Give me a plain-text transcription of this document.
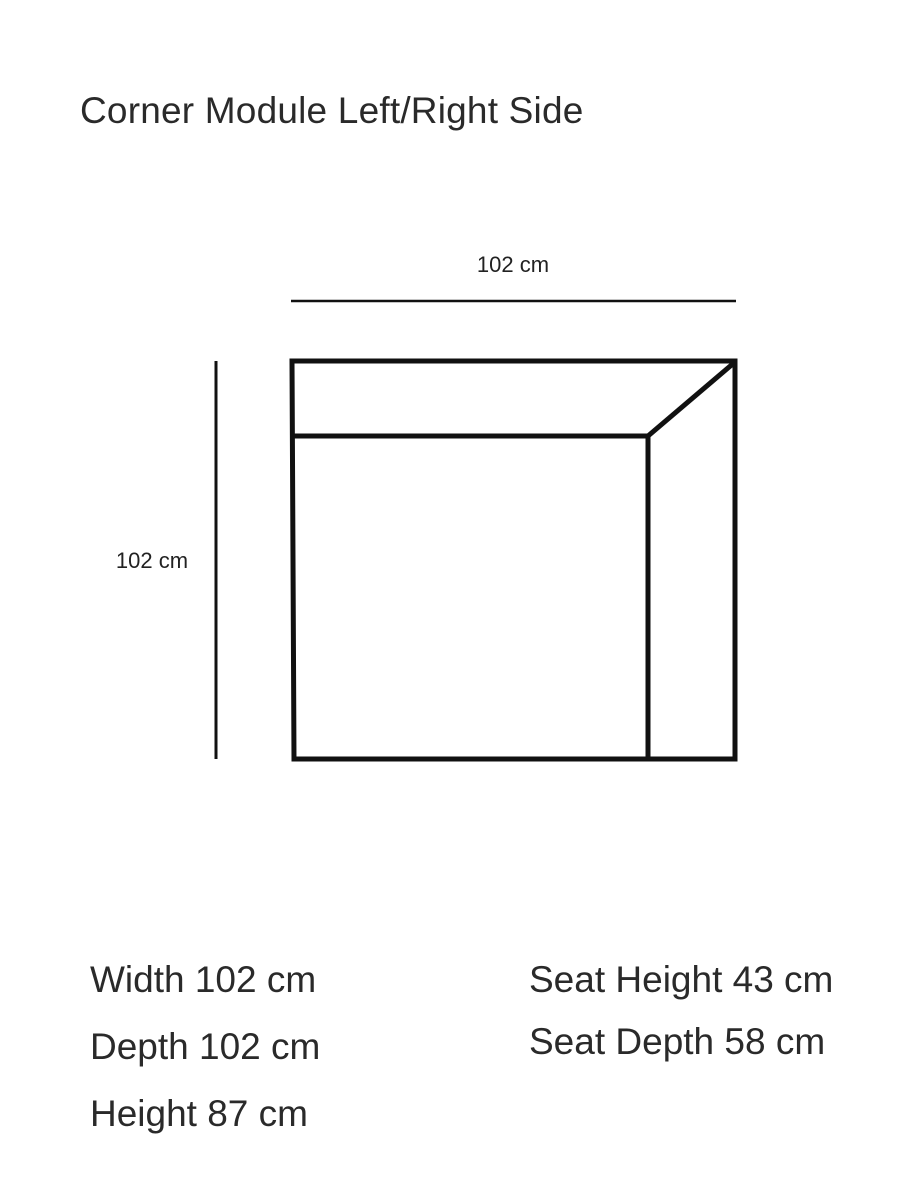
Corner Module Left/Right Side
102 cm
102 cm
Width 102 cm
Depth 102 cm
Height 87 cm
Seat Height 43 cm
Seat Depth 58 cm
